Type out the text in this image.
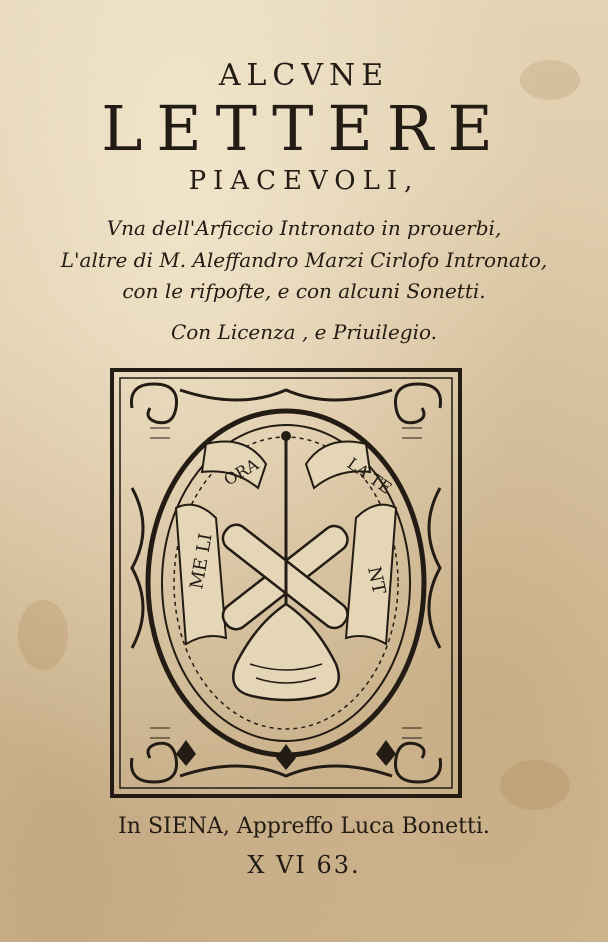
ALCVNE

LETTERE

PIACEVOLI,

Vna dell'Arficcio Intronato in prouerbi,

L'altre di M. Aleffandro Marzi Cirlofo Intronato,

con le rifpofte, e con alcuni Sonetti.

Con Licenza , e Priuilegio.

ME LI
ORA	LA TE
NT

In SIENA, Appreffo Luca Bonetti.

X VI 63.
